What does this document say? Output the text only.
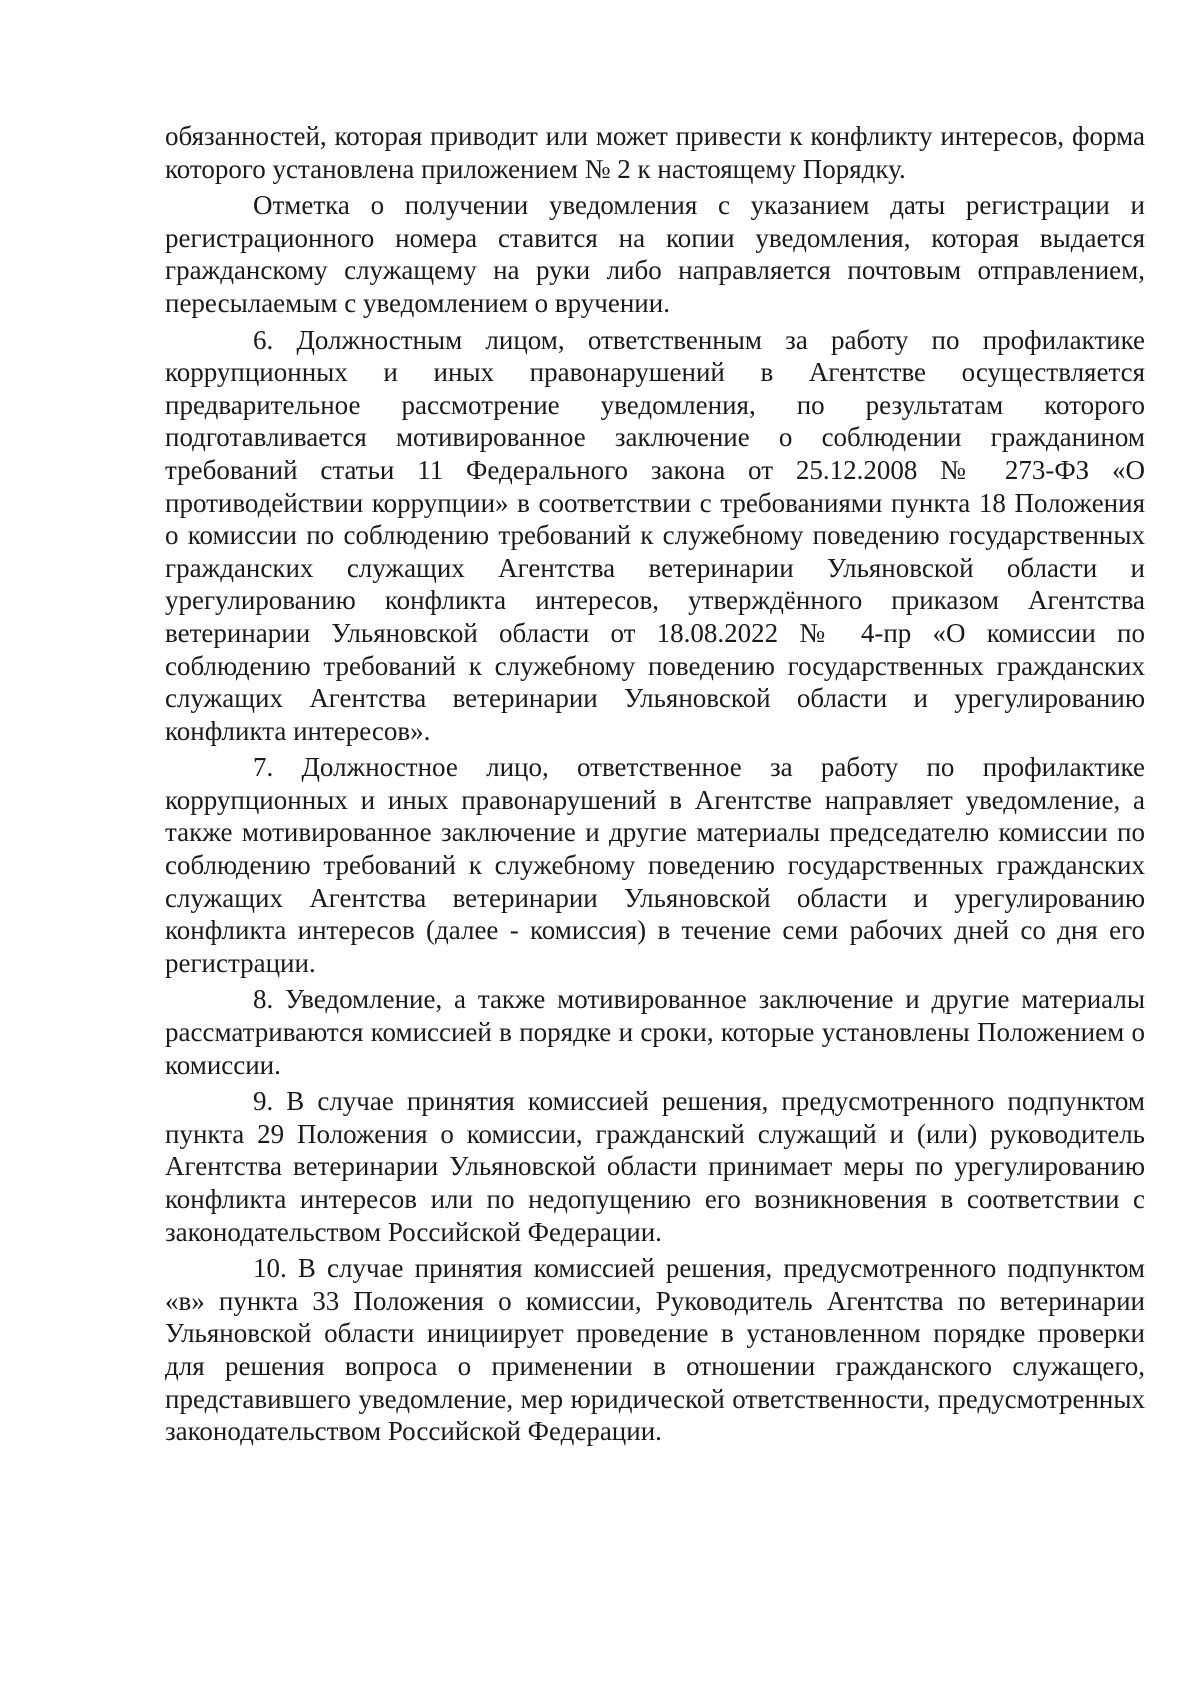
обязанностей, которая приводит или может привести к конфликту интересов, форма которого установлена приложением № 2 к настоящему Порядку.

Отметка о получении уведомления с указанием даты регистрации и регистрационного номера ставится на копии уведомления, которая выдается гражданскому служащему на руки либо направляется почтовым отправлением, пересылаемым с уведомлением о вручении.

6. Должностным лицом, ответственным за работу по профилактике коррупционных и иных правонарушений в Агентстве осуществляется предварительное рассмотрение уведомления, по результатам которого подготавливается мотивированное заключение о соблюдении гражданином требований статьи 11 Федерального закона от 25.12.2008 № 273-ФЗ «О противодействии коррупции» в соответствии с требованиями пункта 18 Положения о комиссии по соблюдению требований к служебному поведению государственных гражданских служащих Агентства ветеринарии Ульяновской области и урегулированию конфликта интересов, утверждённого приказом Агентства ветеринарии Ульяновской области от 18.08.2022 № 4-пр «О комиссии по соблюдению требований к служебному поведению государственных гражданских служащих Агентства ветеринарии Ульяновской области и урегулированию конфликта интересов».

7. Должностное лицо, ответственное за работу по профилактике коррупционных и иных правонарушений в Агентстве направляет уведомление, а также мотивированное заключение и другие материалы председателю комиссии по соблюдению требований к служебному поведению государственных гражданских служащих Агентства ветеринарии Ульяновской области и урегулированию конфликта интересов (далее - комиссия) в течение семи рабочих дней со дня его регистрации.

8. Уведомление, а также мотивированное заключение и другие материалы рассматриваются комиссией в порядке и сроки, которые установлены Положением о комиссии.

9. В случае принятия комиссией решения, предусмотренного подпунктом пункта 29 Положения о комиссии, гражданский служащий и (или) руководитель Агентства ветеринарии Ульяновской области принимает меры по урегулированию конфликта интересов или по недопущению его возникновения в соответствии с законодательством Российской Федерации.

10. В случае принятия комиссией решения, предусмотренного подпунктом «в» пункта 33 Положения о комиссии, Руководитель Агентства по ветеринарии Ульяновской области инициирует проведение в установленном порядке проверки для решения вопроса о применении в отношении гражданского служащего, представившего уведомление, мер юридической ответственности, предусмотренных законодательством Российской Федерации.
